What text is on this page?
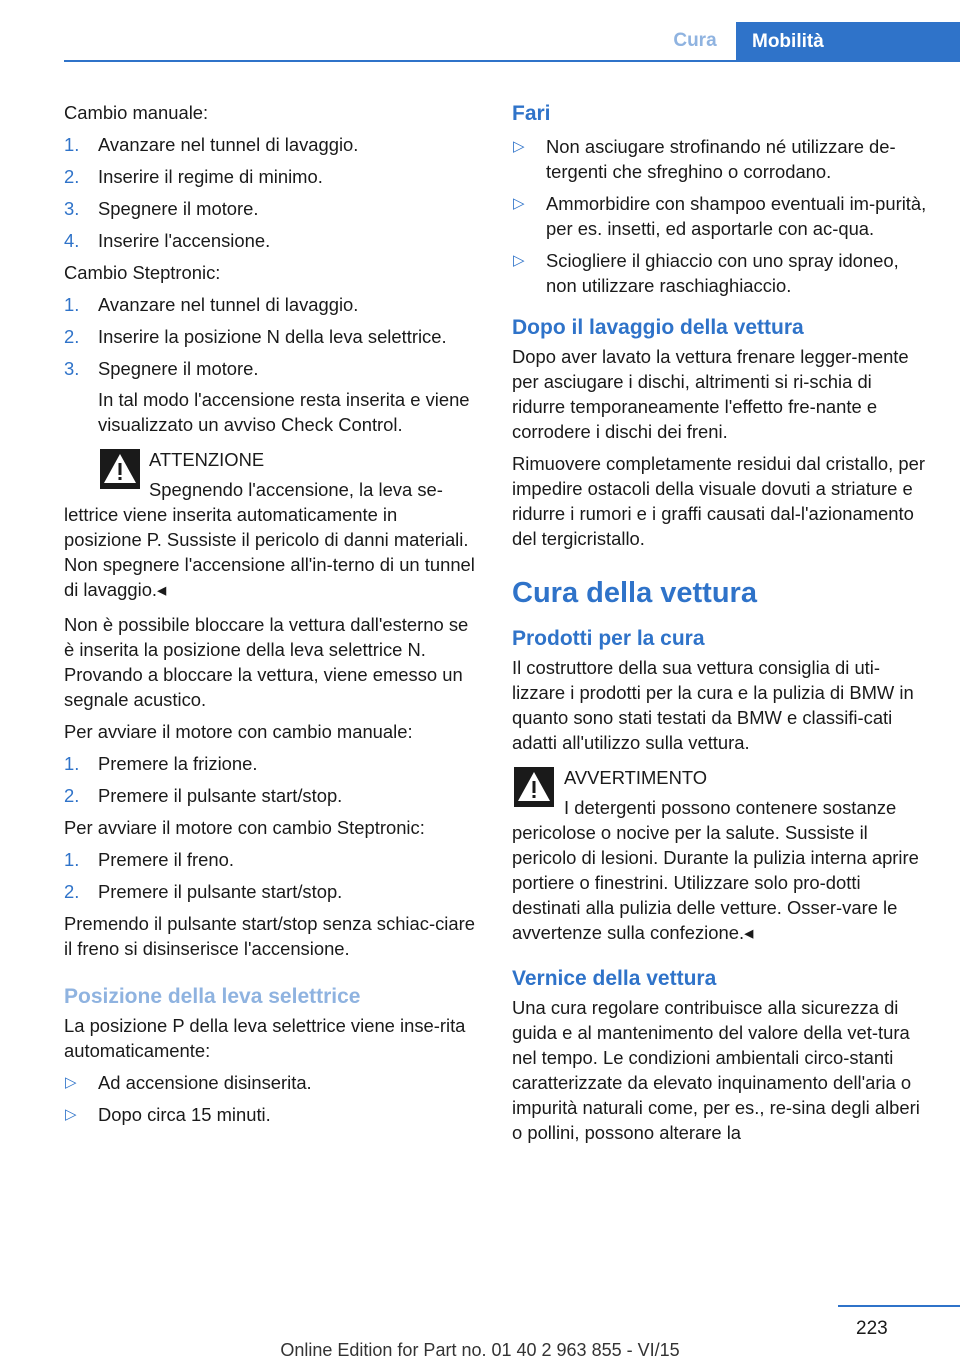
Cura	Mobilità

Cambio manuale:

1. Avanzare nel tunnel di lavaggio.
2. Inserire il regime di minimo.
3. Spegnere il motore.
4. Inserire l'accensione.

Cambio Steptronic:

1. Avanzare nel tunnel di lavaggio.
2. Inserire la posizione N della leva selettrice.
3. Spegnere il motore.
In tal modo l'accensione resta inserita e viene visualizzato un avviso Check Control.
ATTENZIONE
Spegnendo l'accensione, la leva se‐lettrice viene inserita automaticamente in posizione P. Sussiste il pericolo di danni materiali. Non spegnere l'accensione all'in‐terno di un tunnel di lavaggio.◂

Non è possibile bloccare la vettura dall'esterno se è inserita la posizione della leva selettrice N. Provando a bloccare la vettura, viene emesso un segnale acustico.

Per avviare il motore con cambio manuale:

1. Premere la frizione.
2. Premere il pulsante start/stop.

Per avviare il motore con cambio Steptronic:

1. Premere il freno.
2. Premere il pulsante start/stop.

Premendo il pulsante start/stop senza schiac‐ciare il freno si disinserisce l'accensione.

Posizione della leva selettrice

La posizione P della leva selettrice viene inse‐rita automaticamente:

▷ Ad accensione disinserita.
▷ Dopo circa 15 minuti.
Fari
▷ Non asciugare strofinando né utilizzare de‐tergenti che sfreghino o corrodano.
▷ Ammorbidire con shampoo eventuali im‐purità, per es. insetti, ed asportarle con ac‐qua.
▷ Sciogliere il ghiaccio con uno spray idoneo, non utilizzare raschiaghiaccio.
Dopo il lavaggio della vettura

Dopo aver lavato la vettura frenare legger‐mente per asciugare i dischi, altrimenti si ri‐schia di ridurre temporaneamente l'effetto fre‐nante e corrodere i dischi dei freni.

Rimuovere completamente residui dal cristallo, per impedire ostacoli della visuale dovuti a striature e ridurre i rumori e i graffi causati dal‐l'azionamento del tergicristallo.

Cura della vettura
Prodotti per la cura

Il costruttore della sua vettura consiglia di uti‐lizzare i prodotti per la cura e la pulizia di BMW in quanto sono stati testati da BMW e classifi‐cati adatti all'utilizzo sulla vettura.

AVVERTIMENTO
I detergenti possono contenere sostanze pericolose o nocive per la salute. Sussiste il pericolo di lesioni. Durante la pulizia interna aprire portiere o finestrini. Utilizzare solo pro‐dotti destinati alla pulizia delle vetture. Osser‐vare le avvertenze sulla confezione.◂
Vernice della vettura

Una cura regolare contribuisce alla sicurezza di guida e al mantenimento del valore della vet‐tura nel tempo. Le condizioni ambientali circo‐stanti caratterizzate da elevato inquinamento dell'aria o impurità naturali come, per es., re‐sina degli alberi o pollini, possono alterare la

223
Online Edition for Part no. 01 40 2 963 855 - VI/15
